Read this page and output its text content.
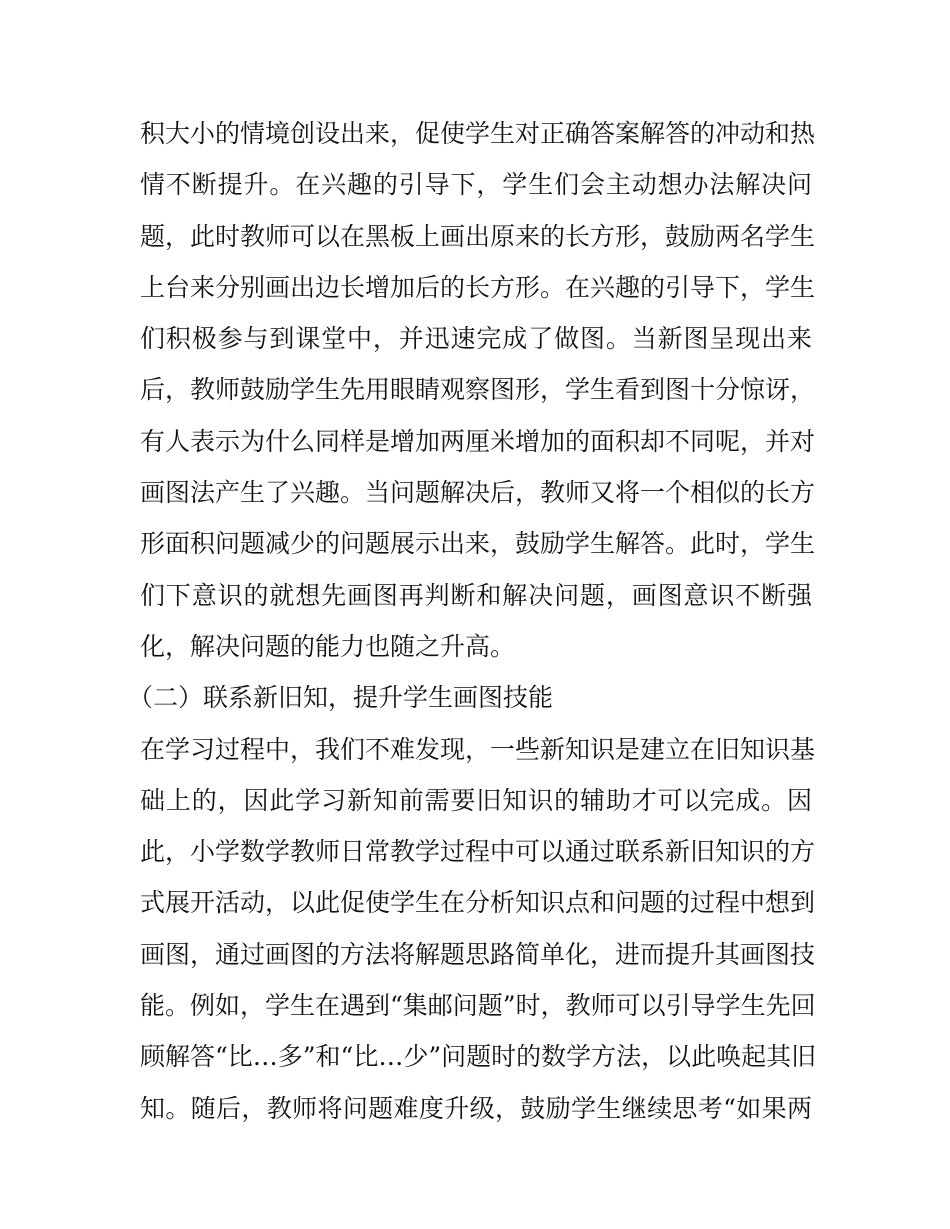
积大小的情境创设出来，促使学生对正确答案解答的冲动和热
情不断提升。在兴趣的引导下，学生们会主动想办法解决问
题，此时教师可以在黑板上画出原来的长方形，鼓励两名学生
上台来分别画出边长增加后的长方形。在兴趣的引导下，学生
们积极参与到课堂中，并迅速完成了做图。当新图呈现出来
后，教师鼓励学生先用眼睛观察图形，学生看到图十分惊讶，
有人表示为什么同样是增加两厘米增加的面积却不同呢，并对
画图法产生了兴趣。当问题解决后，教师又将一个相似的长方
形面积问题减少的问题展示出来，鼓励学生解答。此时，学生
们下意识的就想先画图再判断和解决问题，画图意识不断强
化，解决问题的能力也随之升高。
（二）联系新旧知，提升学生画图技能
在学习过程中，我们不难发现，一些新知识是建立在旧知识基
础上的，因此学习新知前需要旧知识的辅助才可以完成。因
此，小学数学教师日常教学过程中可以通过联系新旧知识的方
式展开活动，以此促使学生在分析知识点和问题的过程中想到
画图，通过画图的方法将解题思路简单化，进而提升其画图技
能。例如，学生在遇到“集邮问题”时，教师可以引导学生先回
顾解答“比…多”和“比…少”问题时的数学方法，以此唤起其旧
知。随后，教师将问题难度升级，鼓励学生继续思考“如果两
